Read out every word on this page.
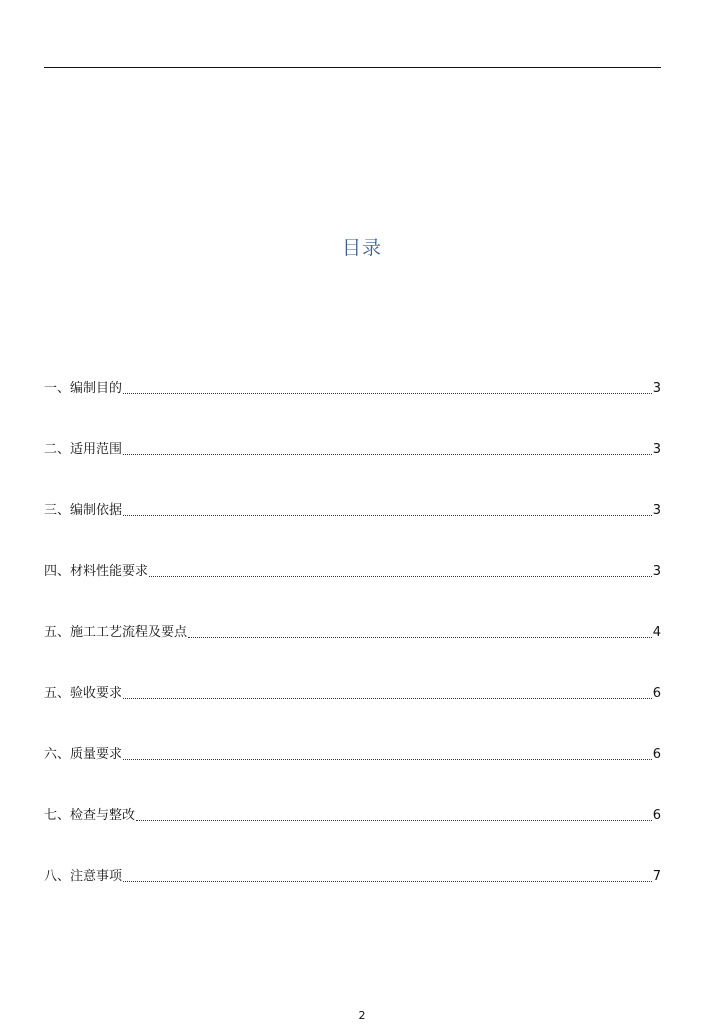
目录
一、编制目的	3
二、适用范围	3
三、编制依据	3
四、材料性能要求	3
五、施工工艺流程及要点	4
五、验收要求	6
六、质量要求	6
七、检查与整改	6
八、注意事项	7
2
